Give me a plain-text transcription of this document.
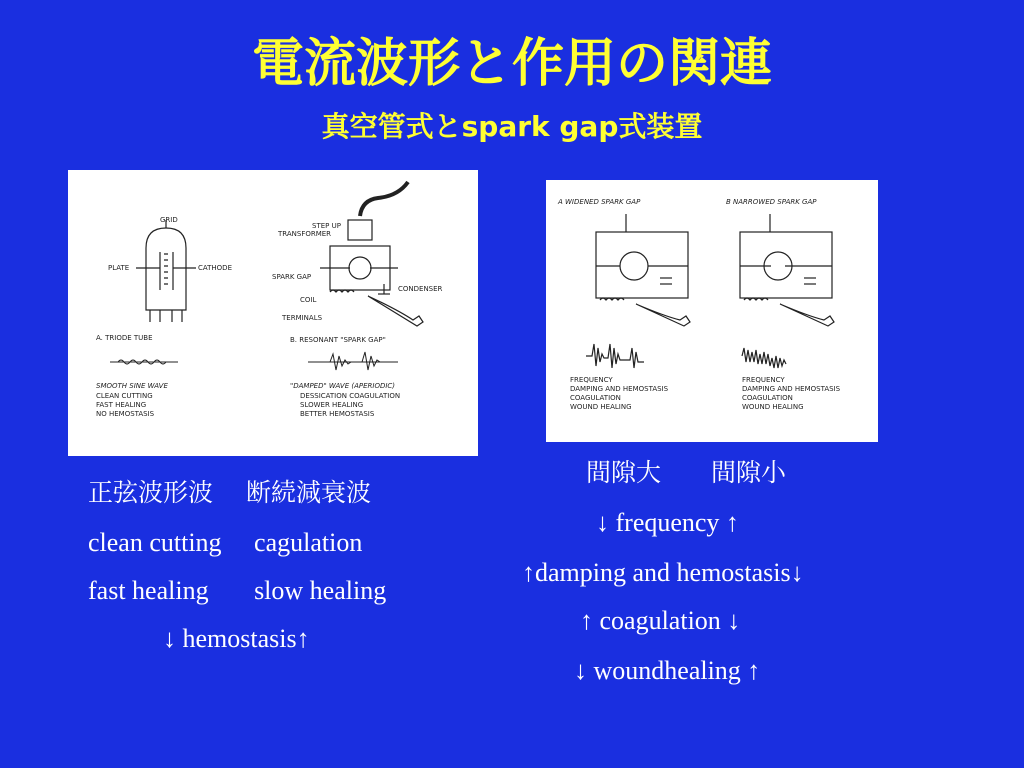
電流波形と作用の関連
真空管式とspark gap式装置
GRID
PLATE	CATHODE
STEP UP
TRANSFORMER
SPARK GAP
CONDENSER
COIL
TERMINALS
A. TRIODE TUBE	B. RESONANT "SPARK GAP"
SMOOTH SINE WAVE
CLEAN CUTTING
FAST HEALING
NO HEMOSTASIS
"DAMPED" WAVE (APERIODIC)
DESSICATION COAGULATION
SLOWER HEALING
BETTER HEMOSTASIS
A WIDENED SPARK GAP	B NARROWED SPARK GAP
FREQUENCY
DAMPING AND HEMOSTASIS
COAGULATION
WOUND HEALING
FREQUENCY
DAMPING AND HEMOSTASIS
COAGULATION
WOUND HEALING
正弦波形波　 断続減衰波
clean cutting     cagulation
fast healing       slow healing
↓ hemostasis↑
間隙大　　間隙小
↓ frequency ↑
↑damping and hemostasis↓
↑ coagulation ↓
↓ woundhealing ↑
